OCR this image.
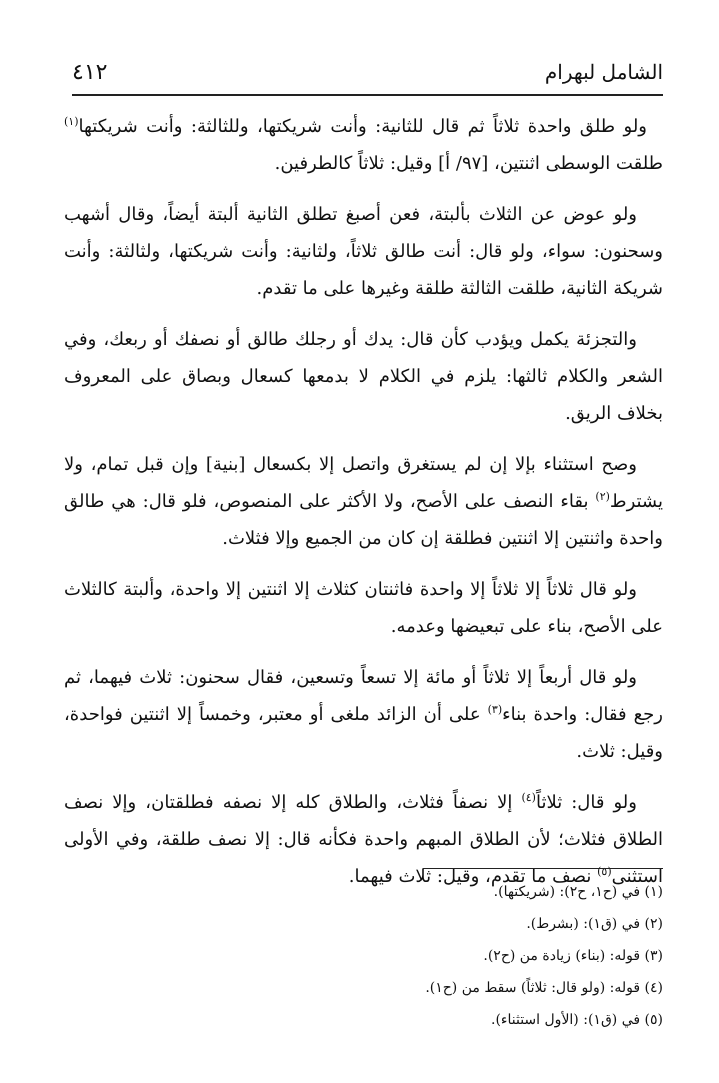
٤١٢	الشامل لبهرام

ولو طلق واحدة ثلاثاً ثم قال للثانية: وأنت شريكتها، وللثالثة: وأنت شريكتها$^{(١)}$ طلقت الوسطى اثنتين، [٩٧/ أ] وقيل: ثلاثاً كالطرفين.

ولو عوض عن الثلاث بألبتة، فعن أصبغ تطلق الثانية ألبتة أيضاً، وقال أشهب وسحنون: سواء، ولو قال: أنت طالق ثلاثاً، ولثانية: وأنت شريكتها، ولثالثة: وأنت شريكة الثانية، طلقت الثالثة طلقة وغيرها على ما تقدم.

والتجزئة يكمل ويؤدب كأن قال: يدك أو رجلك طالق أو نصفك أو ربعك، وفي الشعر والكلام ثالثها: يلزم في الكلام لا بدمعها كسعال وبصاق على المعروف بخلاف الريق.

وصح استثناء بإلا إن لم يستغرق واتصل إلا بكسعال [بنية] وإن قبل تمام، ولا يشترط$^{(٢)}$ بقاء النصف على الأصح، ولا الأكثر على المنصوص، فلو قال: هي طالق واحدة واثنتين إلا اثنتين فطلقة إن كان من الجميع وإلا فثلاث.

ولو قال ثلاثاً إلا ثلاثاً إلا واحدة فاثنتان كثلاث إلا اثنتين إلا واحدة، وألبتة كالثلاث على الأصح، بناء على تبعيضها وعدمه.

ولو قال أربعاً إلا ثلاثاً أو مائة إلا تسعاً وتسعين، فقال سحنون: ثلاث فيهما، ثم رجع فقال: واحدة بناء$^{(٣)}$ على أن الزائد ملغى أو معتبر، وخمساً إلا اثنتين فواحدة، وقيل: ثلاث.

ولو قال: ثلاثاً$^{(٤)}$ إلا نصفاً فثلاث، والطلاق كله إلا نصفه فطلقتان، وإلا نصف الطلاق فثلاث؛ لأن الطلاق المبهم واحدة فكأنه قال: إلا نصف طلقة، وفي الأولى استثنى$^{(٥)}$ نصف ما تقدم، وقيل: ثلاث فيهما.

(١) في (ح١، ح٢): (شريكتها).
(٢) في (ق١): (بشرط).
(٣) قوله: (بناء) زيادة من (ح٢).
(٤) قوله: (ولو قال: ثلاثاً) سقط من (ح١).
(٥) في (ق١): (الأول استثناء).
